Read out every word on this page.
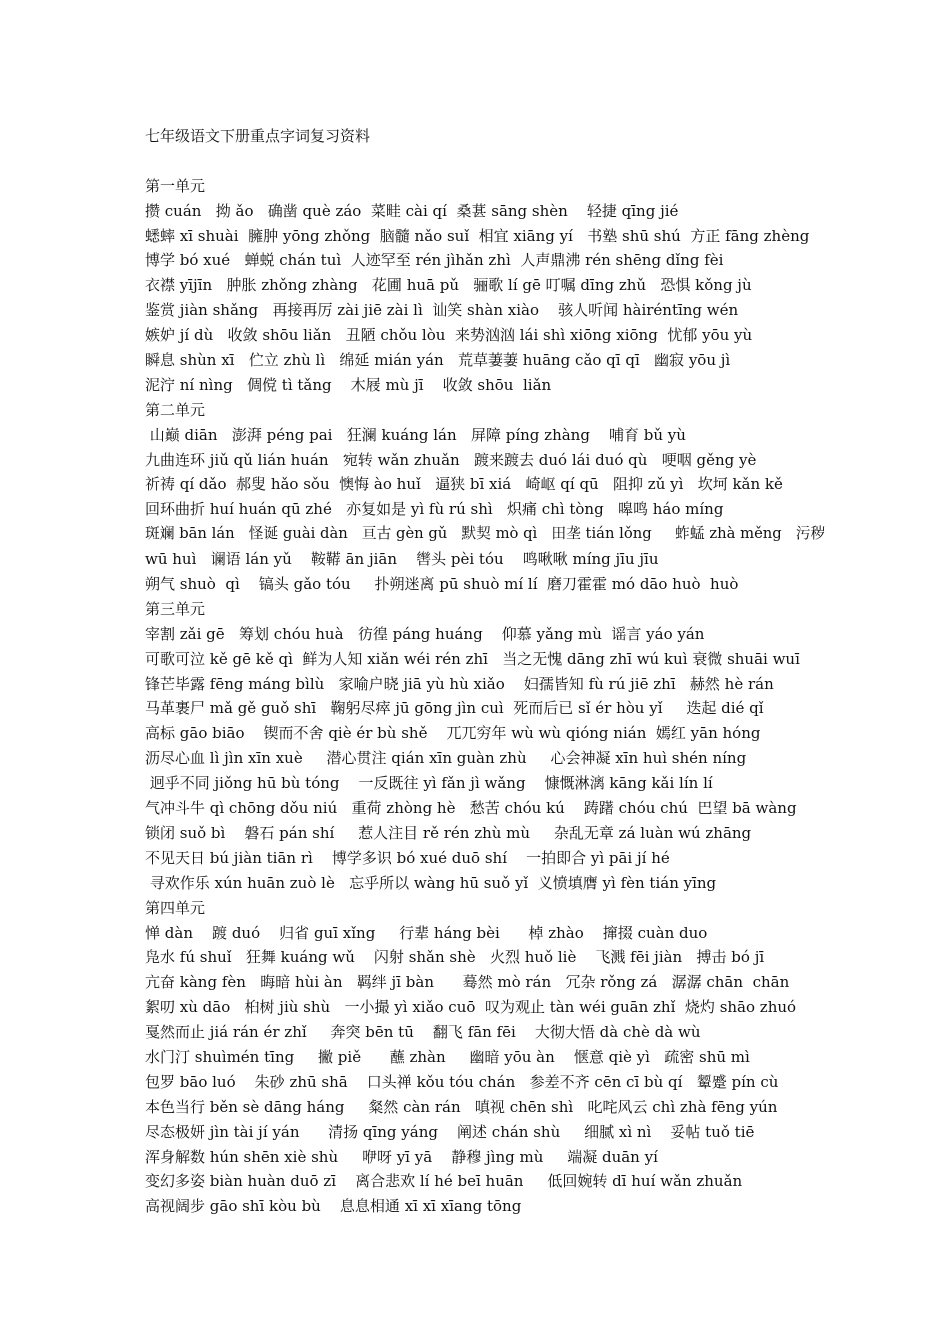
七年级语文下册重点字词复习资料
第一单元
攒 cuán   拗 ǎo   确凿 què záo  菜畦 cài qí  桑葚 sāng shèn    轻捷 qīng jié
蟋蟀 xī shuài  臃肿 yōng zhǒng  脑髓 nǎo suǐ  相宜 xiāng yí   书塾 shū shú  方正 fāng zhèng
博学 bó xué   蝉蜕 chán tuì  人迹罕至 rén jìhǎn zhì  人声鼎沸 rén shēng dǐng fèi
衣襟 yījīn   肿胀 zhǒng zhàng   花圃 huā pǔ   骊歌 lí gē 叮嘱 dīng zhǔ   恐惧 kǒng jù
鉴赏 jiàn shǎng   再接再厉 zài jiē zài lì  讪笑 shàn xiào    骇人听闻 hàiréntīng wén
嫉妒 jí dù   收敛 shōu liǎn   丑陋 chǒu lòu  来势汹汹 lái shì xiōng xiōng  忧郁 yōu yù
瞬息 shùn xī   伫立 zhù lì   绵延 mián yán   荒草萋萋 huāng cǎo qī qī   幽寂 yōu jì
泥泞 ní nìng   倜傥 tì tǎng    木屐 mù jī    收敛 shōu  liǎn
第二单元
山巅 diān   澎湃 péng pai   狂澜 kuáng lán   屏障 píng zhàng    哺育 bǔ yù
九曲连环 jiǔ qǔ lián huán   宛转 wǎn zhuǎn   踱来踱去 duó lái duó qù   哽咽 gěng yè
祈祷 qí dǎo  郝叟 hǎo sǒu  懊悔 ào huǐ   逼狭 bī xiá   崎岖 qí qū   阻抑 zǔ yì   坎坷 kǎn kě
回环曲折 huí huán qū zhé   亦复如是 yì fù rú shì   炽痛 chì tòng   嗥鸣 háo míng
斑斓 bān lán   怪诞 guài dàn   亘古 gèn gǔ   默契 mò qì   田垄 tián lǒng     蚱蜢 zhà měng   污秽
wū huì   谰语 lán yǔ    鞍鞯 ān jiān    辔头 pèi tóu    鸣啾啾 míng jīu jīu
朔气 shuò  qì    镐头 gǎo tóu     扑朔迷离 pū shuò mí lí  磨刀霍霍 mó dāo huò  huò
第三单元
宰割 zǎi gē   筹划 chóu huà   彷徨 páng huáng    仰慕 yǎng mù  谣言 yáo yán
可歌可泣 kě gē kě qì  鲜为人知 xiǎn wéi rén zhī   当之无愧 dāng zhī wú kuì 衰微 shuāi wuī
锋芒毕露 fēng máng bìlù   家喻户晓 jiā yù hù xiǎo    妇孺皆知 fù rú jiē zhī   赫然 hè rán
马革裹尸 mǎ gě guǒ shī   鞠躬尽瘁 jū gōng jìn cuì  死而后已 sǐ ér hòu yǐ     迭起 dié qǐ
高标 gāo biāo    锲而不舍 qiè ér bù shě    兀兀穷年 wù wù qióng nián  嫣红 yān hóng
沥尽心血 lì jìn xīn xuè     潜心贯注 qián xīn guàn zhù     心会神凝 xīn huì shén níng
迥乎不同 jiǒng hū bù tóng    一反既往 yì fǎn jì wǎng    慷慨淋漓 kāng kǎi lín lí
气冲斗牛 qì chōng dǒu niú   重荷 zhòng hè   愁苦 chóu kú    踌躇 chóu chú  巴望 bā wàng
锁闭 suǒ bì    磐石 pán shí     惹人注目 rě rén zhù mù     杂乱无章 zá luàn wú zhāng
不见天日 bú jiàn tiān rì    博学多识 bó xué duō shí    一拍即合 yì pāi jí hé
寻欢作乐 xún huān zuò lè   忘乎所以 wàng hū suǒ yǐ  义愤填膺 yì fèn tián yīng
第四单元
惮 dàn    踱 duó    归省 guī xǐng     行辈 háng bèi      棹 zhào    撺掇 cuàn duo
凫水 fú shuǐ   狂舞 kuáng wǔ    闪射 shǎn shè   火烈 huǒ liè    飞溅 fēi jiàn   搏击 bó jī
亢奋 kàng fèn   晦暗 hùi àn   羁绊 jī bàn      蓦然 mò rán   冗杂 rǒng zá   潺潺 chān  chān
絮叨 xù dāo   桕树 jiù shù   一小撮 yì xiǎo cuō  叹为观止 tàn wéi guān zhǐ  烧灼 shāo zhuó
戛然而止 jiá rán ér zhǐ     奔突 bēn tū    翻飞 fān fēi    大彻大悟 dà chè dà wù
水门汀 shuìmén tīng     撇 piě      蘸 zhàn     幽暗 yōu àn    惬意 qiè yì   疏密 shū mì
包罗 bāo luó    朱砂 zhū shā    口头禅 kǒu tóu chán   参差不齐 cēn cī bù qí   颦蹙 pín cù
本色当行 běn sè dāng háng     粲然 càn rán   嗔视 chēn shì   叱咤风云 chì zhà fēng yún
尽态极妍 jìn tài jí yán      清扬 qīng yáng    阐述 chán shù     细腻 xì nì    妥帖 tuǒ tiē
浑身解数 hún shēn xiè shù     咿呀 yī yā    静穆 jìng mù     端凝 duān yí
变幻多姿 biàn huàn duō zī    离合悲欢 lí hé beī huān     低回婉转 dī huí wǎn zhuǎn
高视阔步 gāo shī kòu bù    息息相通 xī xī xīang tōng
